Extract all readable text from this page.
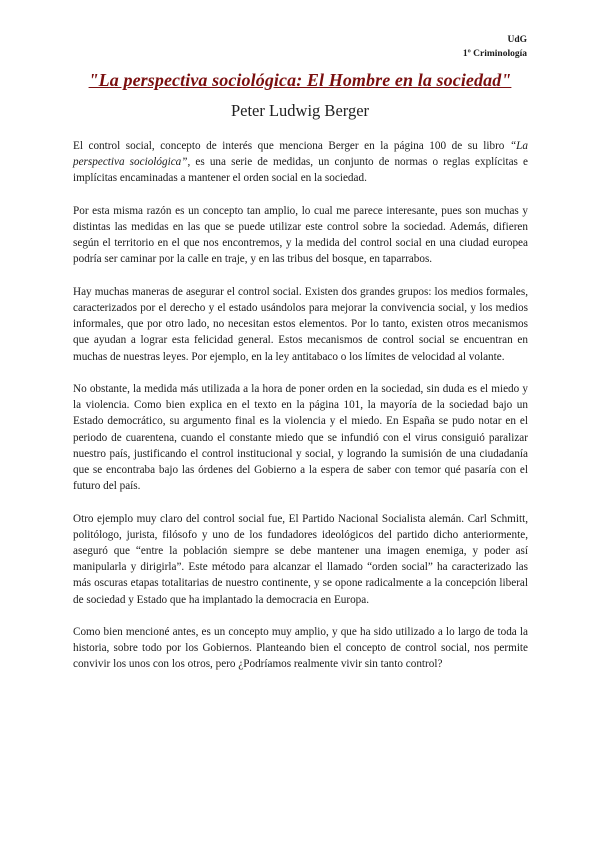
UdG
1º Criminología
"La perspectiva sociológica: El Hombre en la sociedad"
Peter Ludwig Berger

El control social, concepto de interés que menciona Berger en la página 100 de su libro “La perspectiva sociológica”, es una serie de medidas, un conjunto de normas o reglas explícitas e implícitas encaminadas a mantener el orden social en la sociedad.

Por esta misma razón es un concepto tan amplio, lo cual me parece interesante, pues son muchas y distintas las medidas en las que se puede utilizar este control sobre la sociedad. Además, difieren según el territorio en el que nos encontremos, y la medida del control social en una ciudad europea podría ser caminar por la calle en traje, y en las tribus del bosque, en taparrabos.

Hay muchas maneras de asegurar el control social. Existen dos grandes grupos: los medios formales, caracterizados por el derecho y el estado usándolos para mejorar la convivencia social, y los medios informales, que por otro lado, no necesitan estos elementos. Por lo tanto, existen otros mecanismos que ayudan a lograr esta felicidad general. Estos mecanismos de control social se encuentran en muchas de nuestras leyes. Por ejemplo, en la ley antitabaco o los límites de velocidad al volante.

No obstante, la medida más utilizada a la hora de poner orden en la sociedad, sin duda es el miedo y la violencia. Como bien explica en el texto en la página 101, la mayoría de la sociedad bajo un Estado democrático, su argumento final es la violencia y el miedo. En España se pudo notar en el periodo de cuarentena, cuando el constante miedo que se infundió con el virus consiguió paralizar nuestro país, justificando el control institucional y social, y logrando la sumisión de una ciudadanía que se encontraba bajo las órdenes del Gobierno a la espera de saber con temor qué pasaría con el futuro del país.

Otro ejemplo muy claro del control social fue, El Partido Nacional Socialista alemán. Carl Schmitt, politólogo, jurista, filósofo y uno de los fundadores ideológicos del partido dicho anteriormente, aseguró que “entre la población siempre se debe mantener una imagen enemiga, y poder así manipularla y dirigirla”. Este método para alcanzar el llamado “orden social” ha caracterizado las más oscuras etapas totalitarias de nuestro continente, y se opone radicalmente a la concepción liberal de sociedad y Estado que ha implantado la democracia en Europa.

Como bien mencioné antes, es un concepto muy amplio, y que ha sido utilizado a lo largo de toda la historia, sobre todo por los Gobiernos. Planteando bien el concepto de control social, nos permite convivir los unos con los otros, pero ¿Podríamos realmente vivir sin tanto control?
